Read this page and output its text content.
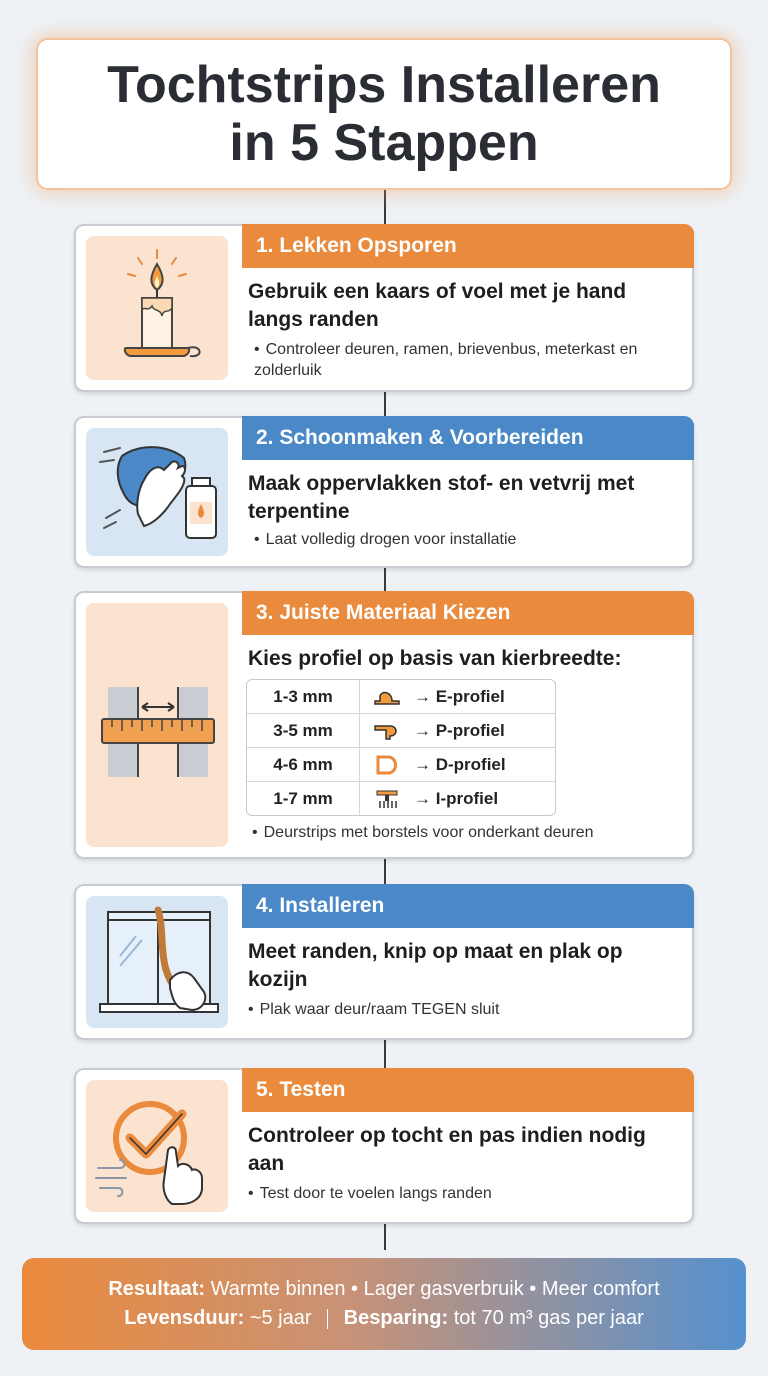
Tochtstrips Installeren in 5 Stappen
1. Lekken Opsporen
Gebruik een kaars of voel met je hand langs randen
• Controleer deuren, ramen, brievenbus, meterkast en zolderluik
2. Schoonmaken & Voorbereiden
Maak oppervlakken stof- en vetvrij met terpentine
• Laat volledig drogen voor installatie
3. Juiste Materiaal Kiezen
Kies profiel op basis van kierbreedte:
1-3 mm	→ E-profiel
3-5 mm	→ P-profiel
4-6 mm	→ D-profiel
1-7 mm	→ I-profiel
• Deurstrips met borstels voor onderkant deuren
4. Installeren
Meet randen, knip op maat en plak op kozijn
• Plak waar deur/raam TEGEN sluit
5. Testen
Controleer op tocht en pas indien nodig aan
• Test door te voelen langs randen
Resultaat: Warmte binnen • Lager gasverbruik • Meer comfort
Levensduur: ~5 jaar Besparing: tot 70 m³ gas per jaar
